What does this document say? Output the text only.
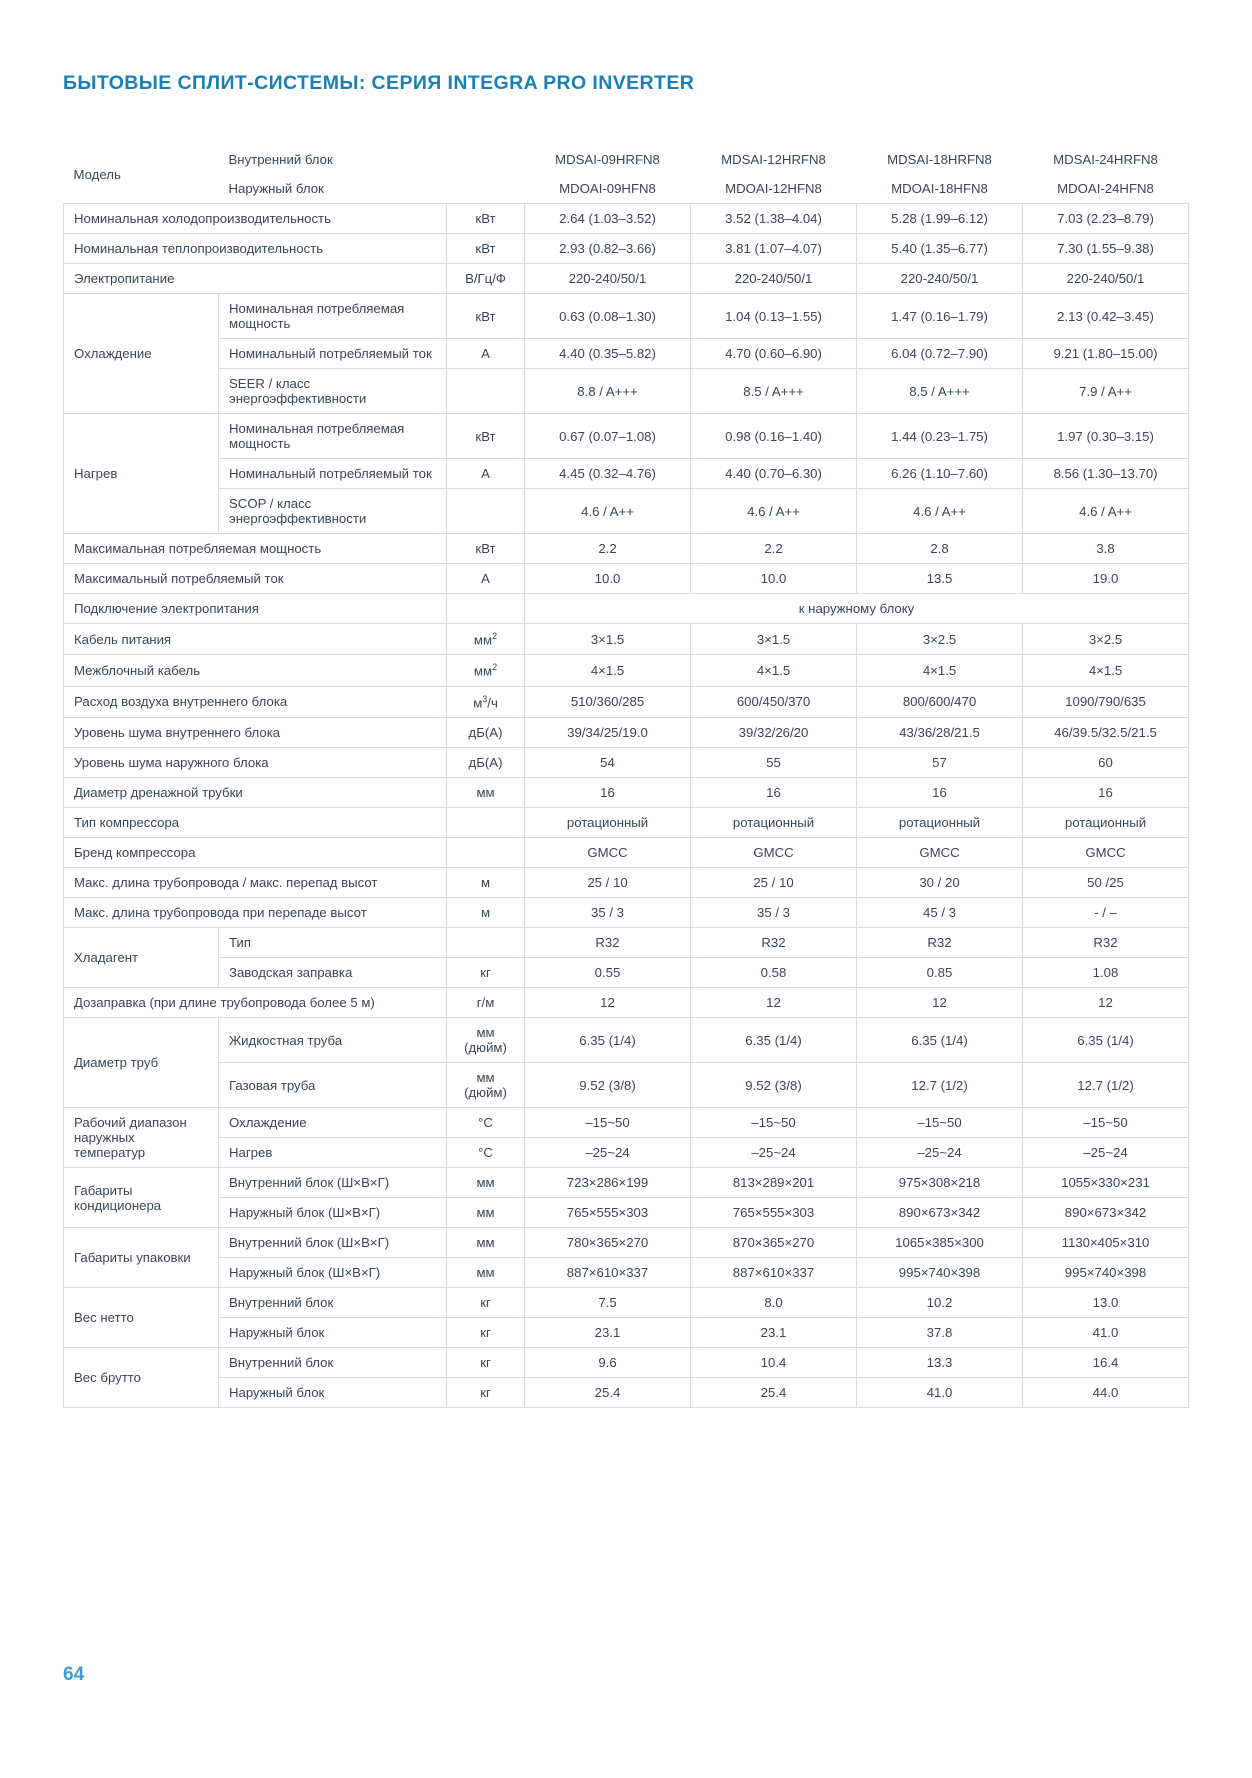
БЫТОВЫЕ СПЛИТ-СИСТЕМЫ: СЕРИЯ INTEGRA PRO INVERTER
Модель	Внутренний блок		MDSAI-09HRFN8	MDSAI-12HRFN8	MDSAI-18HRFN8	MDSAI-24HRFN8
	Наружный блок		MDOAI-09HFN8	MDOAI-12HFN8	MDOAI-18HFN8	MDOAI-24HFN8
Номинальная холодопроизводительность		кВт	2.64 (1.03–3.52)	3.52 (1.38–4.04)	5.28 (1.99–6.12)	7.03 (2.23–8.79)
Номинальная теплопроизводительность		кВт	2.93 (0.82–3.66)	3.81 (1.07–4.07)	5.40 (1.35–6.77)	7.30 (1.55–9.38)
Электропитание		В/Гц/Ф	220-240/50/1	220-240/50/1	220-240/50/1	220-240/50/1
Охлаждение	Номинальная потребляемая мощность	кВт	0.63 (0.08–1.30)	1.04 (0.13–1.55)	1.47 (0.16–1.79)	2.13 (0.42–3.45)
	Номинальный потребляемый ток	А	4.40 (0.35–5.82)	4.70 (0.60–6.90)	6.04 (0.72–7.90)	9.21 (1.80–15.00)
	SEER / класс энергоэффективности		8.8 / A+++	8.5 / A+++	8.5 / A+++	7.9 / A++
Нагрев	Номинальная потребляемая мощность	кВт	0.67 (0.07–1.08)	0.98 (0.16–1.40)	1.44 (0.23–1.75)	1.97 (0.30–3.15)
	Номинальный потребляемый ток	А	4.45 (0.32–4.76)	4.40 (0.70–6.30)	6.26 (1.10–7.60)	8.56 (1.30–13.70)
	SCOP / класс энергоэффективности		4.6 / A++	4.6 / A++	4.6 / A++	4.6 / A++
Максимальная потребляемая мощность		кВт	2.2	2.2	2.8	3.8
Максимальный потребляемый ток		А	10.0	10.0	13.5	19.0
Подключение электропитания			к наружному блоку			
Кабель питания		$мм^2$	3×1.5	3×1.5	3×2.5	3×2.5
Межблочный кабель		$мм^2$	4×1.5	4×1.5	4×1.5	4×1.5
Расход воздуха внутреннего блока		$м^3/ч$	510/360/285	600/450/370	800/600/470	1090/790/635
Уровень шума внутреннего блока		дБ(А)	39/34/25/19.0	39/32/26/20	43/36/28/21.5	46/39.5/32.5/21.5
Уровень шума наружного блока		дБ(А)	54	55	57	60
Диаметр дренажной трубки		мм	16	16	16	16
Тип компрессора			ротационный	ротационный	ротационный	ротационный
Бренд компрессора			GMCC	GMCC	GMCC	GMCC
Макс. длина трубопровода / макс. перепад высот		м	25 / 10	25 / 10	30 / 20	50 /25
Макс. длина трубопровода при перепаде высот		м	35 / 3	35 / 3	45 / 3	- / –
Хладагент	Тип		R32	R32	R32	R32
	Заводская заправка	кг	0.55	0.58	0.85	1.08
Дозаправка (при длине трубопровода более 5 м)		г/м	12	12	12	12
Диаметр труб	Жидкостная труба	мм (дюйм)	6.35 (1/4)	6.35 (1/4)	6.35 (1/4)	6.35 (1/4)
	Газовая труба	мм (дюйм)	9.52 (3/8)	9.52 (3/8)	12.7 (1/2)	12.7 (1/2)
Рабочий диапазон наружных температур	Охлаждение	°C	–15~50	–15~50	–15~50	–15~50
	Нагрев	°C	–25~24	–25~24	–25~24	–25~24
Габариты кондиционера	Внутренний блок (Ш×В×Г)	мм	723×286×199	813×289×201	975×308×218	1055×330×231
	Наружный блок (Ш×В×Г)	мм	765×555×303	765×555×303	890×673×342	890×673×342
Габариты упаковки	Внутренний блок (Ш×В×Г)	мм	780×365×270	870×365×270	1065×385×300	1130×405×310
	Наружный блок (Ш×В×Г)	мм	887×610×337	887×610×337	995×740×398	995×740×398
Вес нетто	Внутренний блок	кг	7.5	8.0	10.2	13.0
	Наружный блок	кг	23.1	23.1	37.8	41.0
Вес брутто	Внутренний блок	кг	9.6	10.4	13.3	16.4
	Наружный блок	кг	25.4	25.4	41.0	44.0
64
